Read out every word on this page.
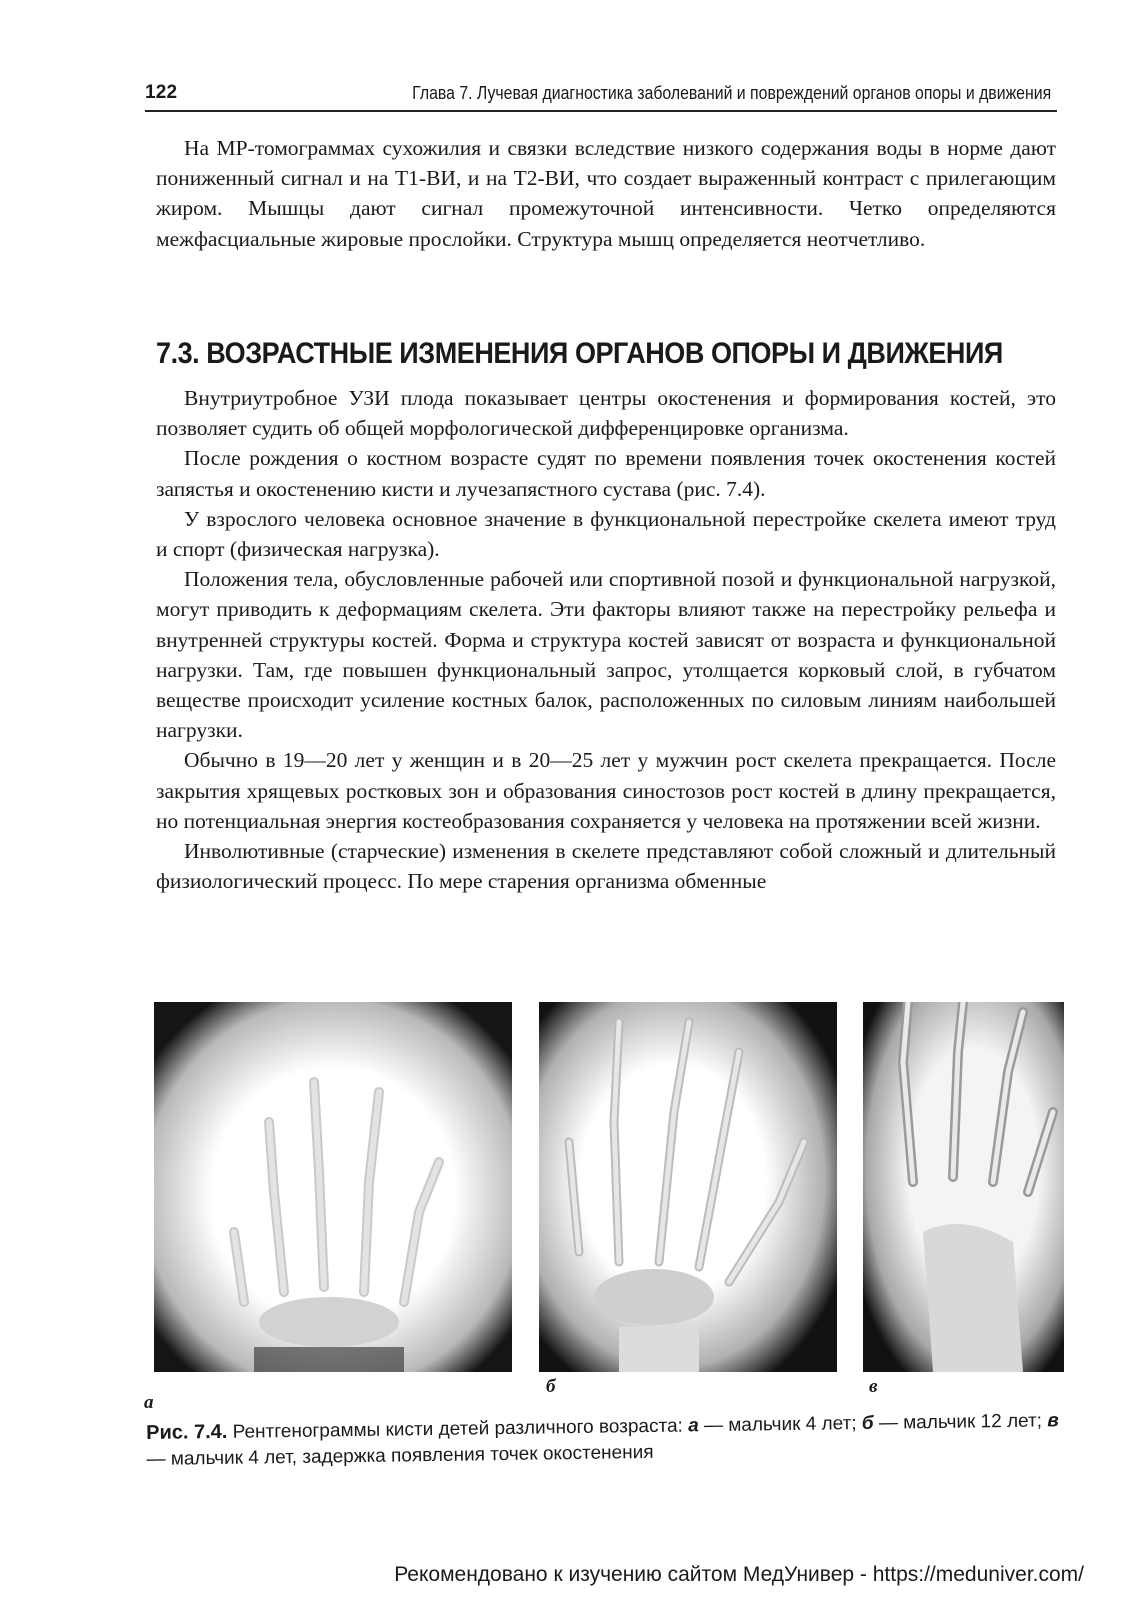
122	Глава 7. Лучевая диагностика заболеваний и повреждений органов опоры и движения

На МР-томограммах сухожилия и связки вследствие низкого содержания воды в норме дают пониженный сигнал и на T1-ВИ, и на T2-ВИ, что создает выраженный контраст с прилегающим жиром. Мышцы дают сигнал промежуточной интенсивности. Четко определяются межфасциальные жировые прослойки. Структура мышц определяется неотчетливо.

7.3. ВОЗРАСТНЫЕ ИЗМЕНЕНИЯ ОРГАНОВ ОПОРЫ И ДВИЖЕНИЯ

Внутриутробное УЗИ плода показывает центры окостенения и формирования костей, это позволяет судить об общей морфологической дифференцировке организма.

После рождения о костном возрасте судят по времени появления точек окостенения костей запястья и окостенению кисти и лучезапястного сустава (рис. 7.4).

У взрослого человека основное значение в функциональной перестройке скелета имеют труд и спорт (физическая нагрузка).

Положения тела, обусловленные рабочей или спортивной позой и функциональной нагрузкой, могут приводить к деформациям скелета. Эти факторы влияют также на перестройку рельефа и внутренней структуры костей. Форма и структура костей зависят от возраста и функциональной нагрузки. Там, где повышен функциональный запрос, утолщается корковый слой, в губчатом веществе происходит усиление костных балок, расположенных по силовым линиям наибольшей нагрузки.

Обычно в 19—20 лет у женщин и в 20—25 лет у мужчин рост скелета прекращается. После закрытия хрящевых ростковых зон и образования синостозов рост костей в длину прекращается, но потенциальная энергия костеобразования сохраняется у человека на протяжении всей жизни.

Инволютивные (старческие) изменения в скелете представляют собой сложный и длительный физиологический процесс. По мере старения организма обменные

а
б	в
Рис. 7.4. Рентгенограммы кисти детей различного возраста: а — мальчик 4 лет; б — мальчик 12 лет; в — мальчик 4 лет, задержка появления точек окостенения
Рекомендовано к изучению сайтом МедУнивер - https://meduniver.com/
